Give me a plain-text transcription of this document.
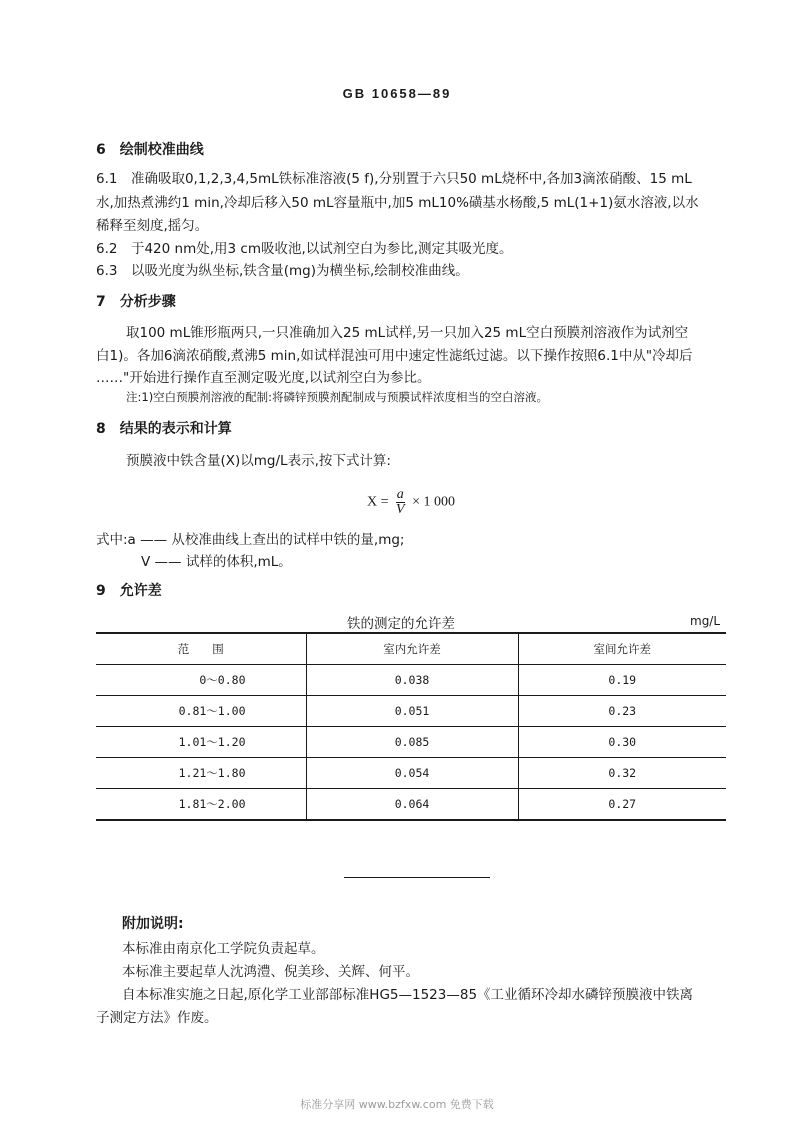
GB 10658—89
6　绘制校准曲线
6.1　准确吸取0,1,2,3,4,5mL铁标准溶液(5 f),分别置于六只50 mL烧杯中,各加3滴浓硝酸、15 mL
水,加热煮沸约1 min,冷却后移入50 mL容量瓶中,加5 mL10%磺基水杨酸,5 mL(1+1)氨水溶液,以水
稀释至刻度,摇匀。
6.2　于420 nm处,用3 cm吸收池,以试剂空白为参比,测定其吸光度。
6.3　以吸光度为纵坐标,铁含量(mg)为横坐标,绘制校准曲线。
7　分析步骤
取100 mL锥形瓶两只,一只准确加入25 mL试样,另一只加入25 mL空白预膜剂溶液作为试剂空
白1)。各加6滴浓硝酸,煮沸5 min,如试样混浊可用中速定性滤纸过滤。以下操作按照6.1中从"冷却后
……"开始进行操作直至测定吸光度,以试剂空白为参比。
注:1)空白预膜剂溶液的配制:将磷锌预膜剂配制成与预膜试样浓度相当的空白溶液。
8　结果的表示和计算
预膜液中铁含量(X)以mg/L表示,按下式计算:
$X = \frac{a}{V} \times 1$ 000
式中:a —— 从校准曲线上查出的试样中铁的量,mg;
V —— 试样的体积,mL。
9　允许差
铁的测定的允许差	mg/L
范　　围	室内允许差	室间允许差
0～0.80	0.038	0.19
0.81～1.00	0.051	0.23
1.01～1.20	0.085	0.30
1.21～1.80	0.054	0.32
1.81～2.00	0.064	0.27
附加说明:
本标准由南京化工学院负责起草。
本标准主要起草人沈鸿澧、倪美珍、关辉、何平。
自本标准实施之日起,原化学工业部部标准HG5—1523—85《工业循环冷却水磷锌预膜液中铁离
子测定方法》作废。
标准分享网 www.bzfxw.com 免费下载
